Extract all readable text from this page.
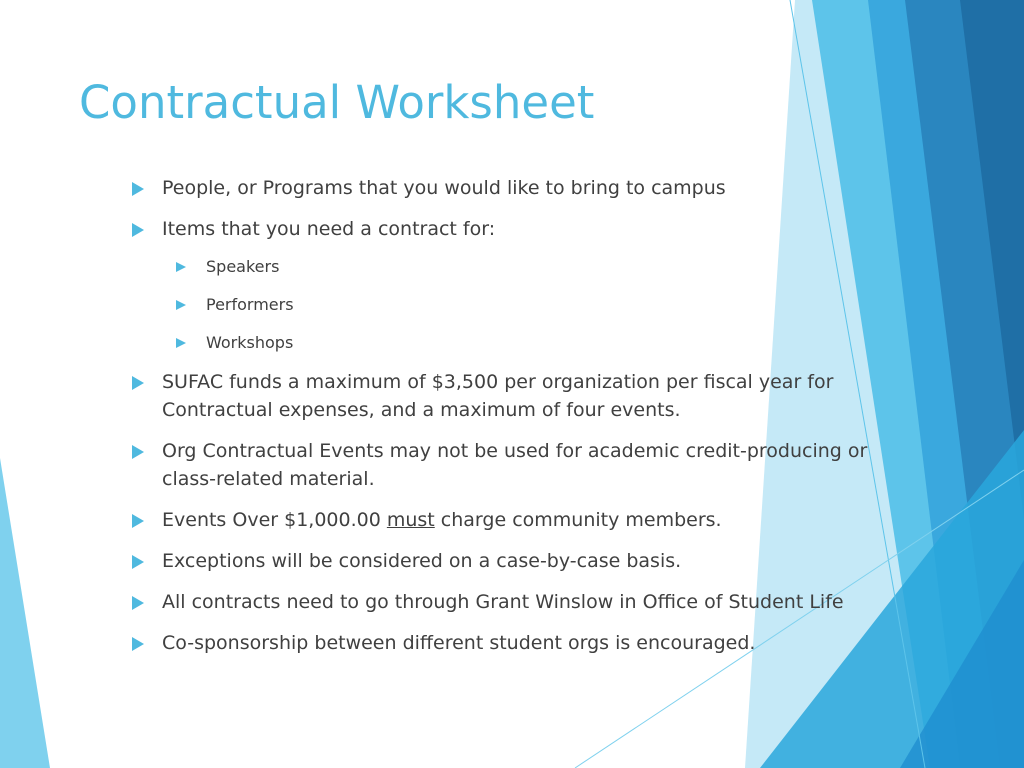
Contractual Worksheet
People, or Programs that you would like to bring to campus
Items that you need a contract for:
Speakers
Performers
Workshops
SUFAC funds a maximum of $3,500 per organization per fiscal year for Contractual expenses, and a maximum of four events.
Org Contractual Events may not be used for academic credit-producing or class-related material.
Events Over $1,000.00 must charge community members.
Exceptions will be considered on a case-by-case basis.
All contracts need to go through Grant Winslow in Office of Student Life
Co-sponsorship between different student orgs is encouraged.
